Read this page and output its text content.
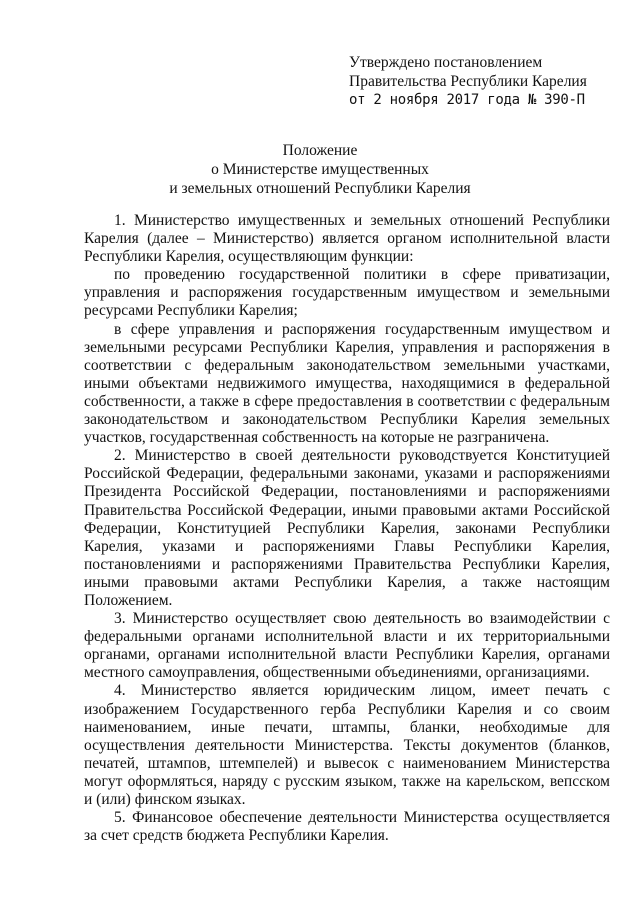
Утверждено постановлением
Правительства Республики Карелия
от 2 ноября 2017 года № 390-П
Положение
о Министерстве имущественных
и земельных отношений Республики Карелия

1. Министерство имущественных и земельных отношений Республики Карелия (далее – Министерство) является органом исполнительной власти Республики Карелия, осуществляющим функции:

по проведению государственной политики в сфере приватизации, управления и распоряжения государственным имуществом и земельными ресурсами Республики Карелия;

в сфере управления и распоряжения государственным имуществом и земельными ресурсами Республики Карелия, управления и распоряжения в соответствии с федеральным законодательством земельными участками, иными объектами недвижимого имущества, находящимися в федеральной собственности, а также в сфере предоставления в соответствии с федеральным законодательством и законодательством Республики Карелия земельных участков, государственная собственность на которые не разграничена.

2. Министерство в своей деятельности руководствуется Конституцией Российской Федерации, федеральными законами, указами и распоряжениями Президента Российской Федерации, постановлениями и распоряжениями Правительства Российской Федерации, иными правовыми актами Российской Федерации, Конституцией Республики Карелия, законами Республики Карелия, указами и распоряжениями Главы Республики Карелия, постановлениями и распоряжениями Правительства Республики Карелия, иными правовыми актами Республики Карелия, а также настоящим Положением.

3. Министерство осуществляет свою деятельность во взаимодействии с федеральными органами исполнительной власти и их территориальными органами, органами исполнительной власти Республики Карелия, органами местного самоуправления, общественными объединениями, организациями.

4. Министерство является юридическим лицом, имеет печать с изображением Государственного герба Республики Карелия и со своим наименованием, иные печати, штампы, бланки, необходимые для осуществления деятельности Министерства. Тексты документов (бланков, печатей, штампов, штемпелей) и вывесок с наименованием Министерства могут оформляться, наряду с русским языком, также на карельском, вепсском и (или) финском языках.

5. Финансовое обеспечение деятельности Министерства осуществляется за счет средств бюджета Республики Карелия.
